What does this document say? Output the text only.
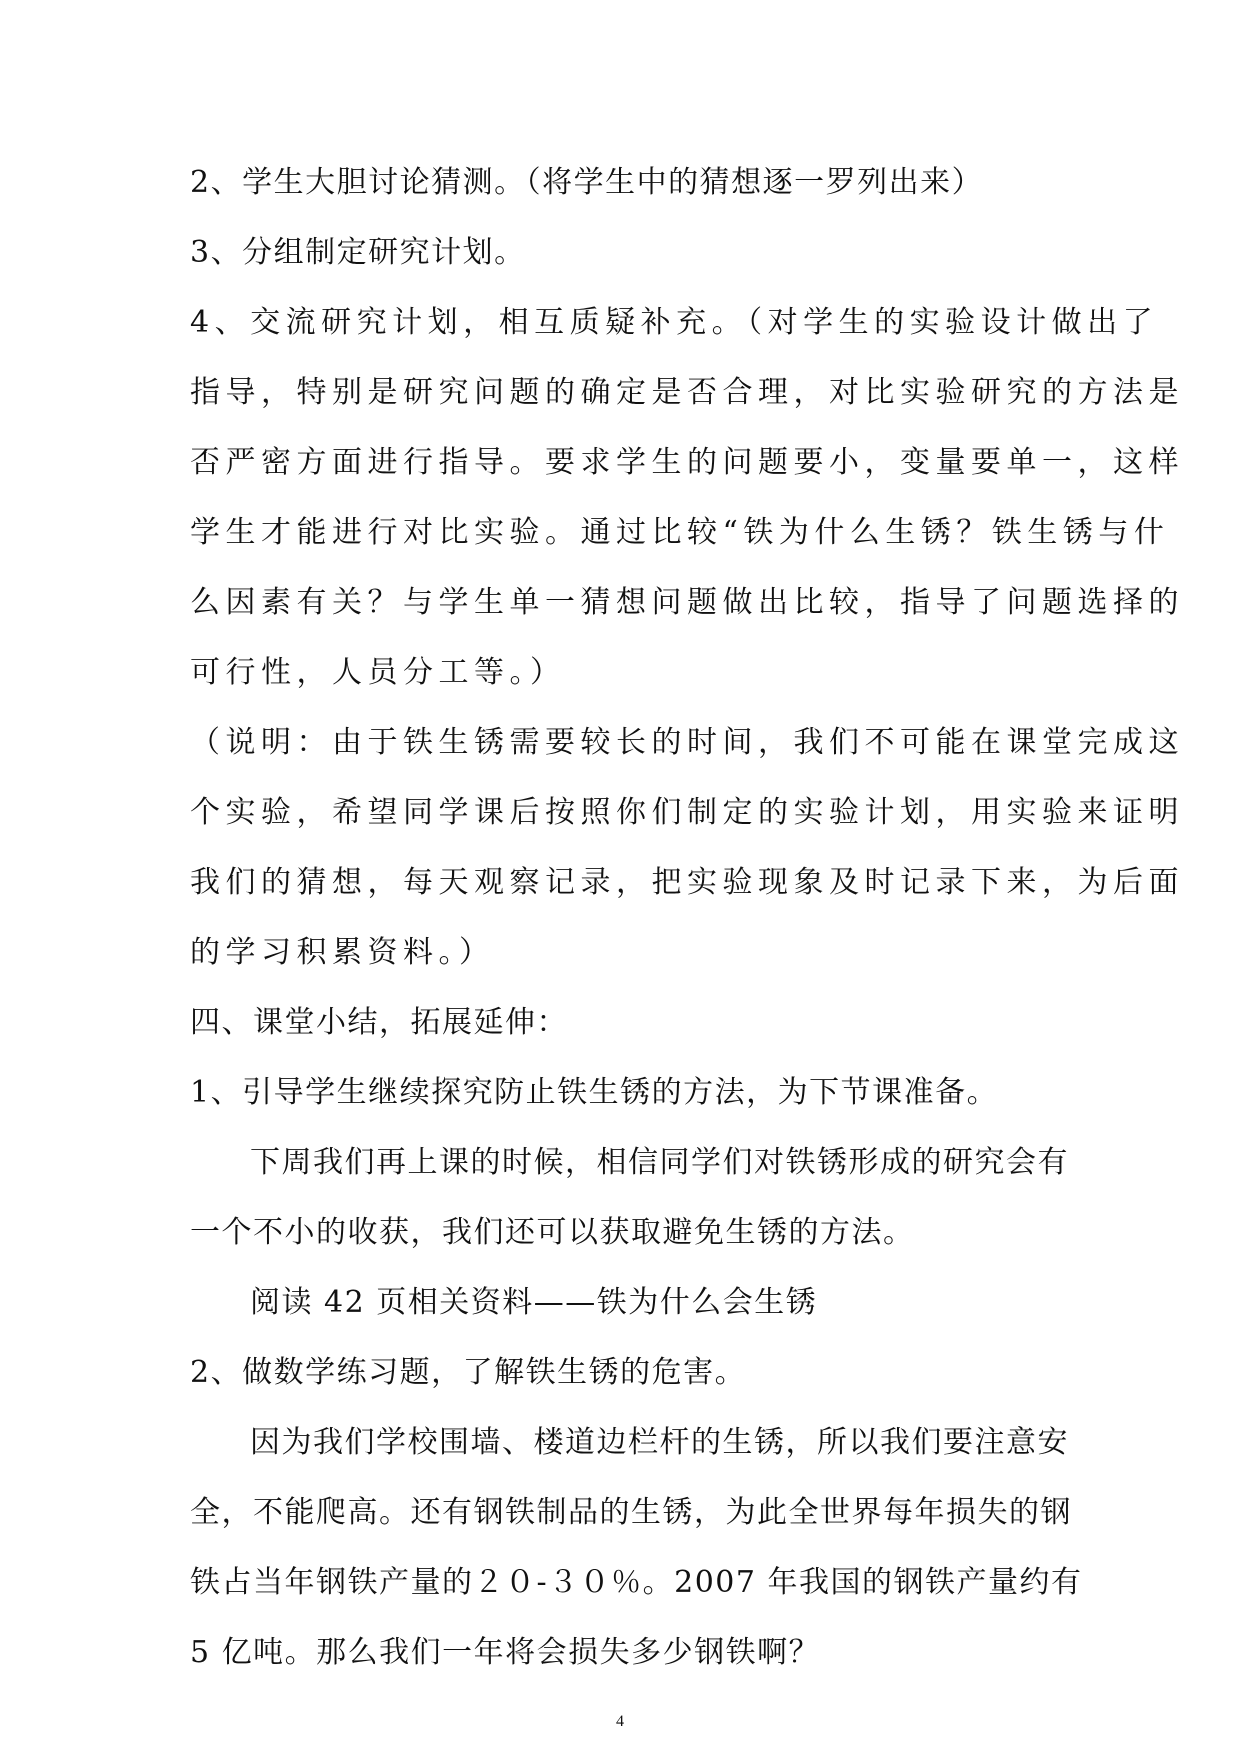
2、学生大胆讨论猜测。（将学生中的猜想逐一罗列出来）
3、分组制定研究计划。
4、交流研究计划，相互质疑补充。（对学生的实验设计做出了
指导，特别是研究问题的确定是否合理，对比实验研究的方法是
否严密方面进行指导。要求学生的问题要小，变量要单一，这样
学生才能进行对比实验。通过比较“铁为什么生锈？铁生锈与什
么因素有关？与学生单一猜想问题做出比较，指导了问题选择的
可行性，人员分工等。）
（说明：由于铁生锈需要较长的时间，我们不可能在课堂完成这
个实验，希望同学课后按照你们制定的实验计划，用实验来证明
我们的猜想，每天观察记录，把实验现象及时记录下来，为后面
的学习积累资料。）
四、课堂小结，拓展延伸：
1、引导学生继续探究防止铁生锈的方法，为下节课准备。
下周我们再上课的时候，相信同学们对铁锈形成的研究会有
一个不小的收获，我们还可以获取避免生锈的方法。
阅读 42 页相关资料——铁为什么会生锈
2、做数学练习题，了解铁生锈的危害。
因为我们学校围墙、楼道边栏杆的生锈，所以我们要注意安
全，不能爬高。还有钢铁制品的生锈，为此全世界每年损失的钢
铁占当年钢铁产量的２０-３０％。2007 年我国的钢铁产量约有
5 亿吨。那么我们一年将会损失多少钢铁啊？
4
